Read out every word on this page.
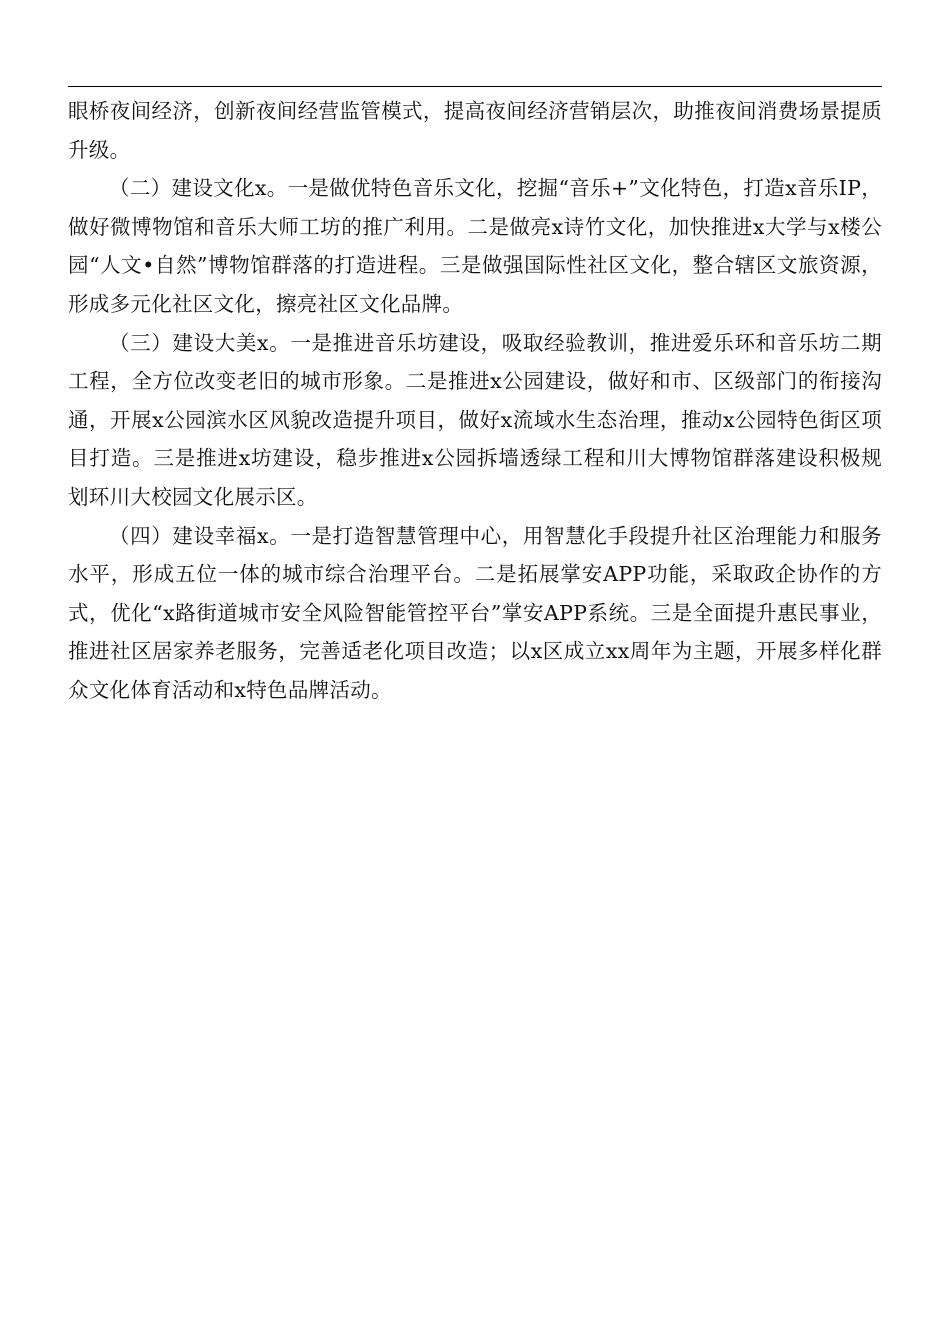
眼桥夜间经济，创新夜间经营监管模式，提高夜间经济营销层次，助推夜间消费场景提质升级。

（二）建设文化x。一是做优特色音乐文化，挖掘“音乐+”文化特色，打造x音乐IP，做好微博物馆和音乐大师工坊的推广利用。二是做亮x诗竹文化，加快推进x大学与x楼公园“人文•自然”博物馆群落的打造进程。三是做强国际性社区文化，整合辖区文旅资源，形成多元化社区文化，擦亮社区文化品牌。

（三）建设大美x。一是推进音乐坊建设，吸取经验教训，推进爱乐环和音乐坊二期工程，全方位改变老旧的城市形象。二是推进x公园建设，做好和市、区级部门的衔接沟通，开展x公园滨水区风貌改造提升项目，做好x流域水生态治理，推动x公园特色街区项目打造。三是推进x坊建设，稳步推进x公园拆墙透绿工程和川大博物馆群落建设积极规划环川大校园文化展示区。

（四）建设幸福x。一是打造智慧管理中心，用智慧化手段提升社区治理能力和服务水平，形成五位一体的城市综合治理平台。二是拓展掌安APP功能，采取政企协作的方式，优化“x路街道城市安全风险智能管控平台”掌安APP系统。三是全面提升惠民事业，推进社区居家养老服务，完善适老化项目改造；以x区成立xx周年为主题，开展多样化群众文化体育活动和x特色品牌活动。
